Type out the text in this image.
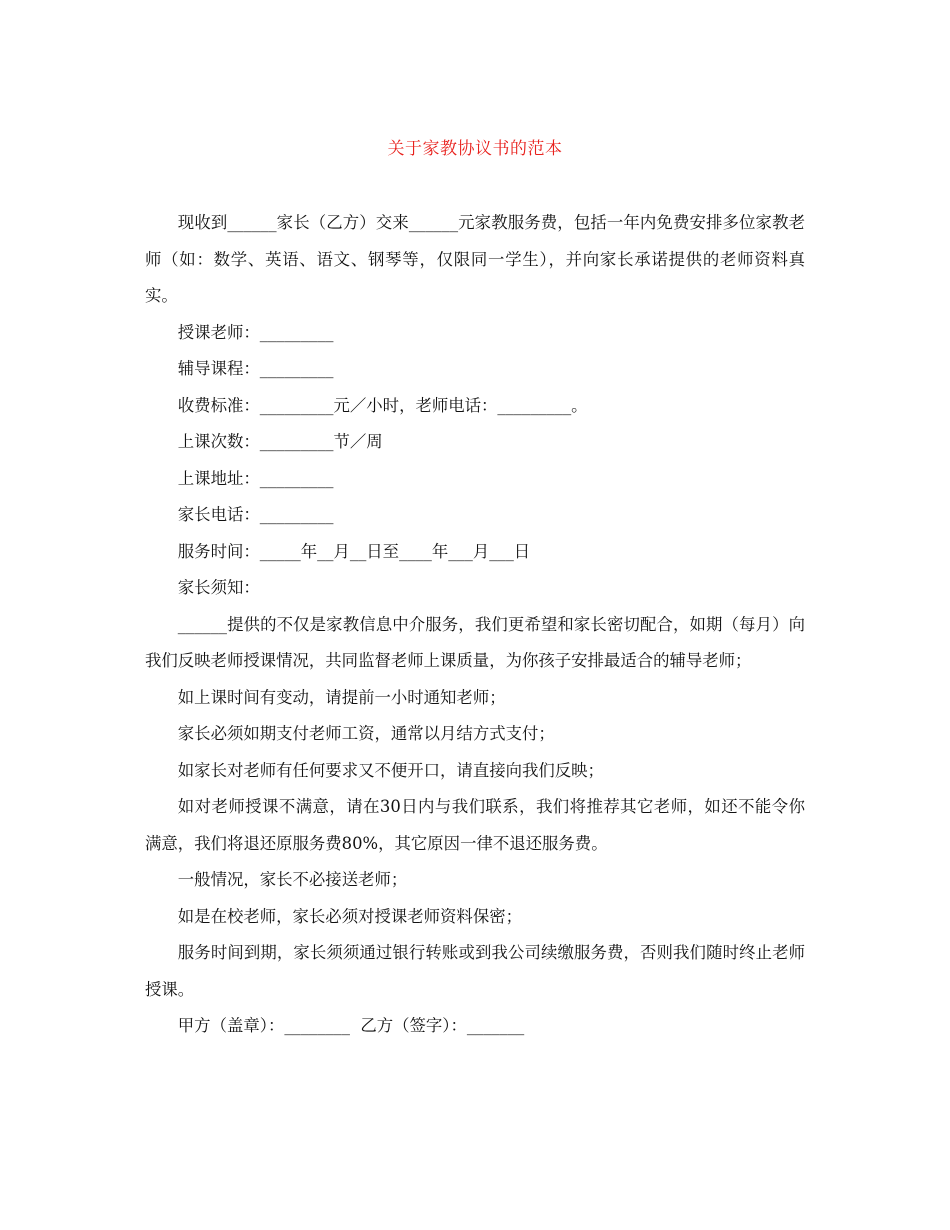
关于家教协议书的范本

现收到______家长（乙方）交来______元家教服务费，包括一年内免费安排多位家教老师（如：数学、英语、语文、钢琴等，仅限同一学生），并向家长承诺提供的老师资料真实。

授课老师：_________

辅导课程：_________

收费标准：_________元／小时，老师电话：_________。

上课次数：_________节／周

上课地址：_________

家长电话：_________

服务时间：_____年__月__日至____年___月___日

家长须知：

______提供的不仅是家教信息中介服务，我们更希望和家长密切配合，如期（每月）向我们反映老师授课情况，共同监督老师上课质量，为你孩子安排最适合的辅导老师；

如上课时间有变动，请提前一小时通知老师；

家长必须如期支付老师工资，通常以月结方式支付；

如家长对老师有任何要求又不便开口，请直接向我们反映；

如对老师授课不满意，请在30日内与我们联系，我们将推荐其它老师，如还不能令你满意，我们将退还原服务费80%，其它原因一律不退还服务费。

一般情况，家长不必接送老师；

如是在校老师，家长必须对授课老师资料保密；

服务时间到期，家长须须通过银行转账或到我公司续缴服务费，否则我们随时终止老师授课。

甲方（盖章）：________  乙方（签字）：_______
